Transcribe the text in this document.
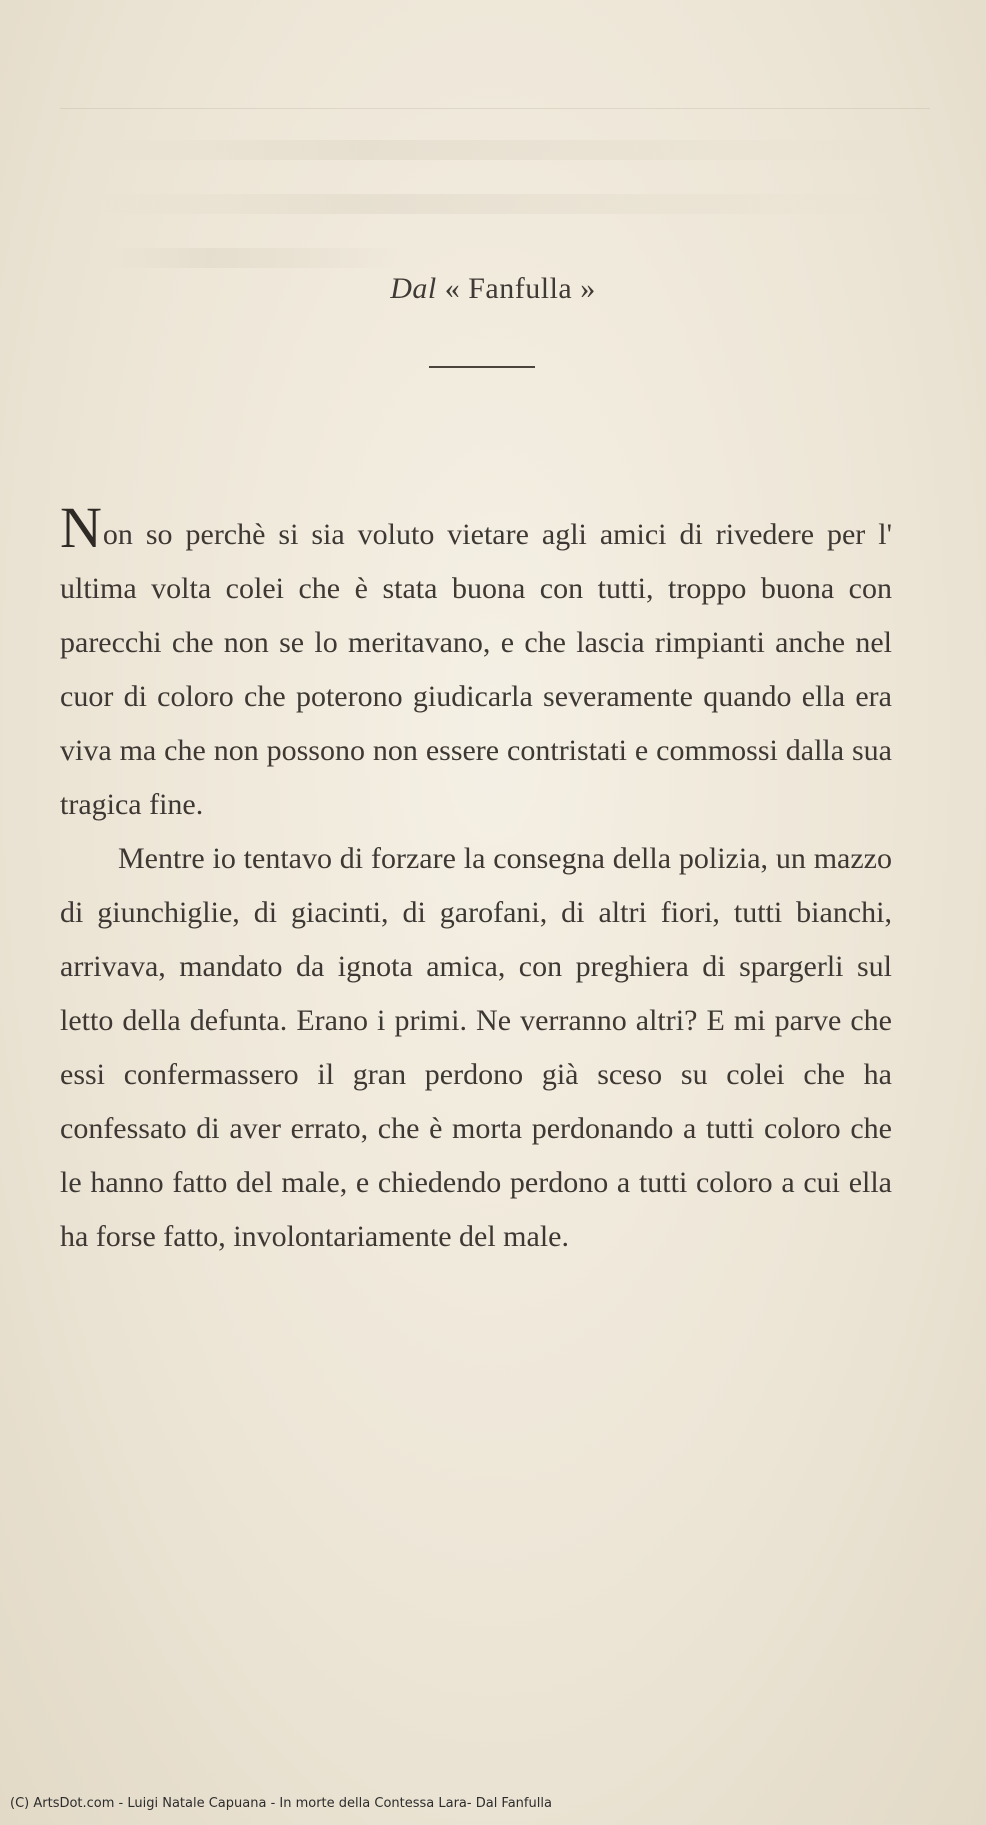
Dal « Fanfulla »

Non so perchè si sia voluto vietare agli amici di rivedere per l' ultima volta colei che è stata buona con tutti, troppo buona con parecchi che non se lo meritavano, e che lascia rimpianti anche nel cuor di coloro che poterono giudicarla severamente quando ella era viva ma che non possono non essere contristati e commossi dalla sua tragica fine.

Mentre io tentavo di forzare la consegna della polizia, un mazzo di giunchiglie, di giacinti, di garofani, di altri fiori, tutti bianchi, arrivava, mandato da ignota amica, con preghiera di spargerli sul letto della defunta. Erano i primi. Ne verranno altri? E mi parve che essi confermassero il gran perdono già sceso su colei che ha confessato di aver errato, che è morta perdonando a tutti coloro che le hanno fatto del male, e chiedendo perdono a tutti coloro a cui ella ha forse fatto, involontariamente del male.

(C) ArtsDot.com - Luigi Natale Capuana - In morte della Contessa Lara- Dal Fanfulla
